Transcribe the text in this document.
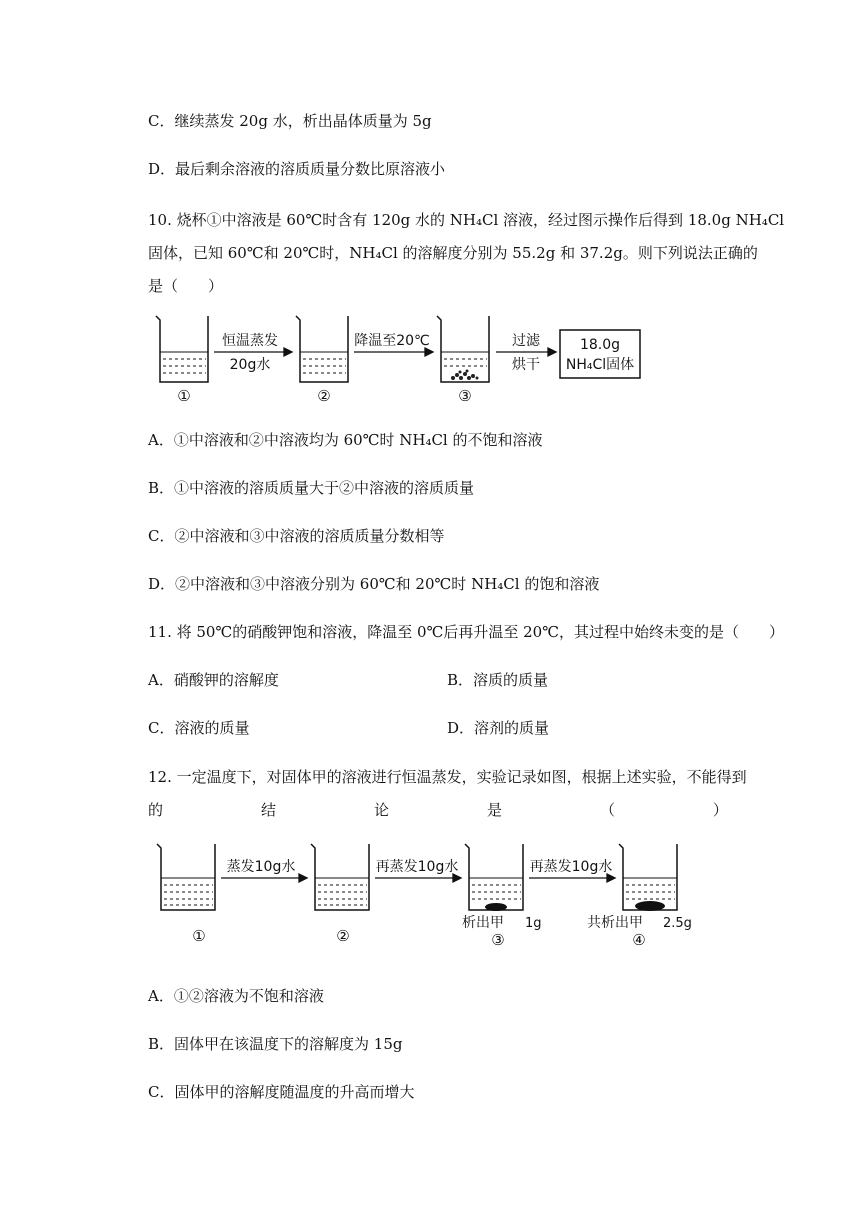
C．继续蒸发 20g 水，析出晶体质量为 5g
D．最后剩余溶液的溶质质量分数比原溶液小
10. 烧杯①中溶液是 60℃时含有 120g 水的 NH₄Cl 溶液，经过图示操作后得到 18.0g NH₄Cl
固体，已知 60℃和 20℃时，NH₄Cl 的溶解度分别为 55.2g 和 37.2g。则下列说法正确的
是（　　）
恒温蒸发
20g水
降温至20℃	过滤
烘干
18.0g
NH₄Cl固体
①	②	③
A．①中溶液和②中溶液均为 60℃时 NH₄Cl 的不饱和溶液
B．①中溶液的溶质质量大于②中溶液的溶质质量
C．②中溶液和③中溶液的溶质质量分数相等
D．②中溶液和③中溶液分别为 60℃和 20℃时 NH₄Cl 的饱和溶液
11. 将 50℃的硝酸钾饱和溶液，降温至 0℃后再升温至 20℃，其过程中始终未变的是（　　）
A．硝酸钾的溶解度	B．溶质的质量
C．溶液的质量	D．溶剂的质量
12. 一定温度下，对固体甲的溶液进行恒温蒸发，实验记录如图，根据上述实验，不能得到
的	结	论	是	（	）
蒸发10g水	再蒸发10g水	再蒸发10g水
析出甲 1g	共析出甲 2.5g
①	②	③	④
A．①②溶液为不饱和溶液
B．固体甲在该温度下的溶解度为 15g
C．固体甲的溶解度随温度的升高而增大
